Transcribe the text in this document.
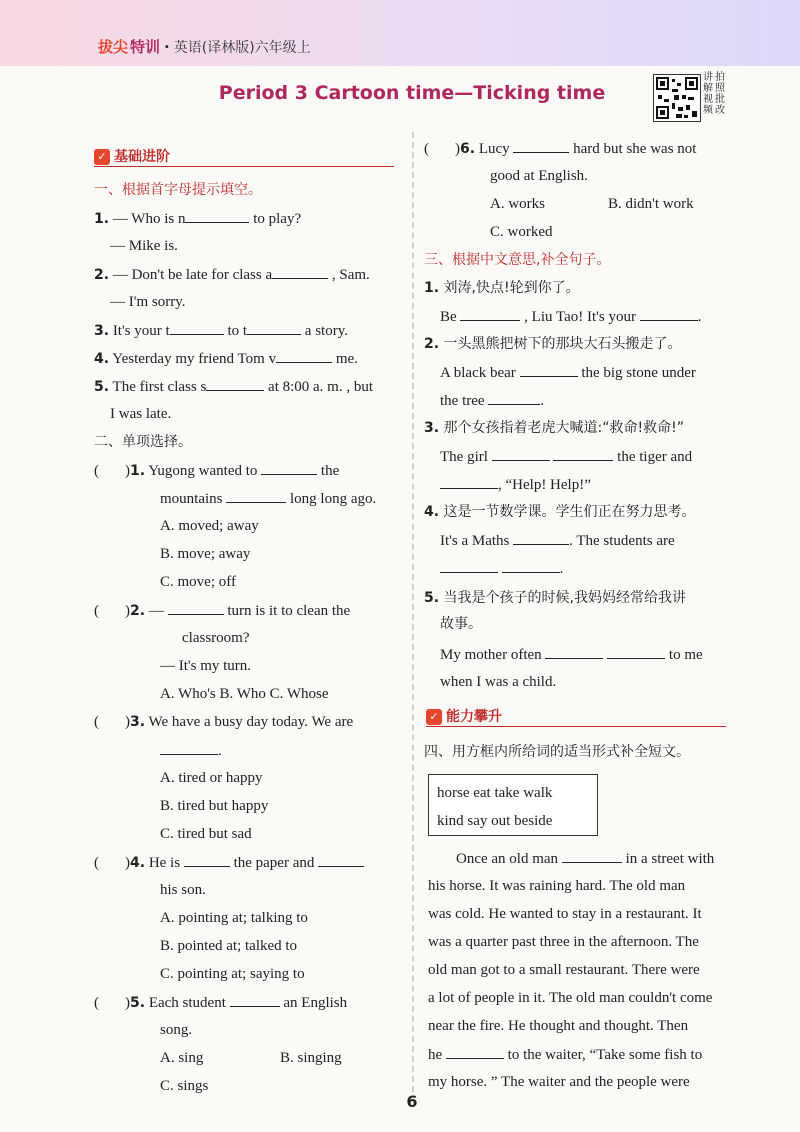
拔尖 特训 · 英语(译林版)六年级上
Period 3 Cartoon time—Ticking time
讲
解
视
频
拍
照
批
改
✓ 基础进阶
一、根据首字母提示填空。
1. — Who is n	to play?
— Mike is.
2. — Don't be late for class a	, Sam.
— I'm sorry.
3. It's your t	to t	a story.
4. Yesterday my friend Tom v	me.
5. The first class s	at 8:00 a. m. , but
I was late.
二、单项选择。
( )1. Yugong wanted to	the
mountains	long long ago.
A. moved; away
B. move; away
C. move; off
( )2. —	turn is it to clean the
classroom?
— It's my turn.
A. Who's B. Who C. Whose
( )3. We have a busy day today. We are
.
A. tired or happy
B. tired but happy
C. tired but sad
( )4. He is	the paper and
his son.
A. pointing at; talking to
B. pointed at; talked to
C. pointing at; saying to
( )5. Each student	an English
song.
A. sing	B. singing
C. sings
( )6. Lucy	hard but she was not
good at English.
A. works	B. didn't work
C. worked
三、根据中文意思,补全句子。
1. 刘涛,快点!轮到你了。
Be	, Liu Tao! It's your	.
2. 一头黑熊把树下的那块大石头搬走了。
A black bear	the big stone under
the tree	.
3. 那个女孩指着老虎大喊道:“救命!救命!”
The girl	the tiger and
, “Help! Help!”
4. 这是一节数学课。学生们正在努力思考。
It's a Maths	. The students are
.
5. 当我是个孩子的时候,我妈妈经常给我讲
故事。
My mother often	to me
when I was a child.
✓ 能力攀升
四、用方框内所给词的适当形式补全短文。
horse eat take walk
kind say out beside
Once an old man	in a street with
his horse. It was raining hard. The old man
was cold. He wanted to stay in a restaurant. It
was a quarter past three in the afternoon. The
old man got to a small restaurant. There were
a lot of people in it. The old man couldn't come
near the fire. He thought and thought. Then
he	to the waiter, “Take some fish to
my horse. ” The waiter and the people were
6
